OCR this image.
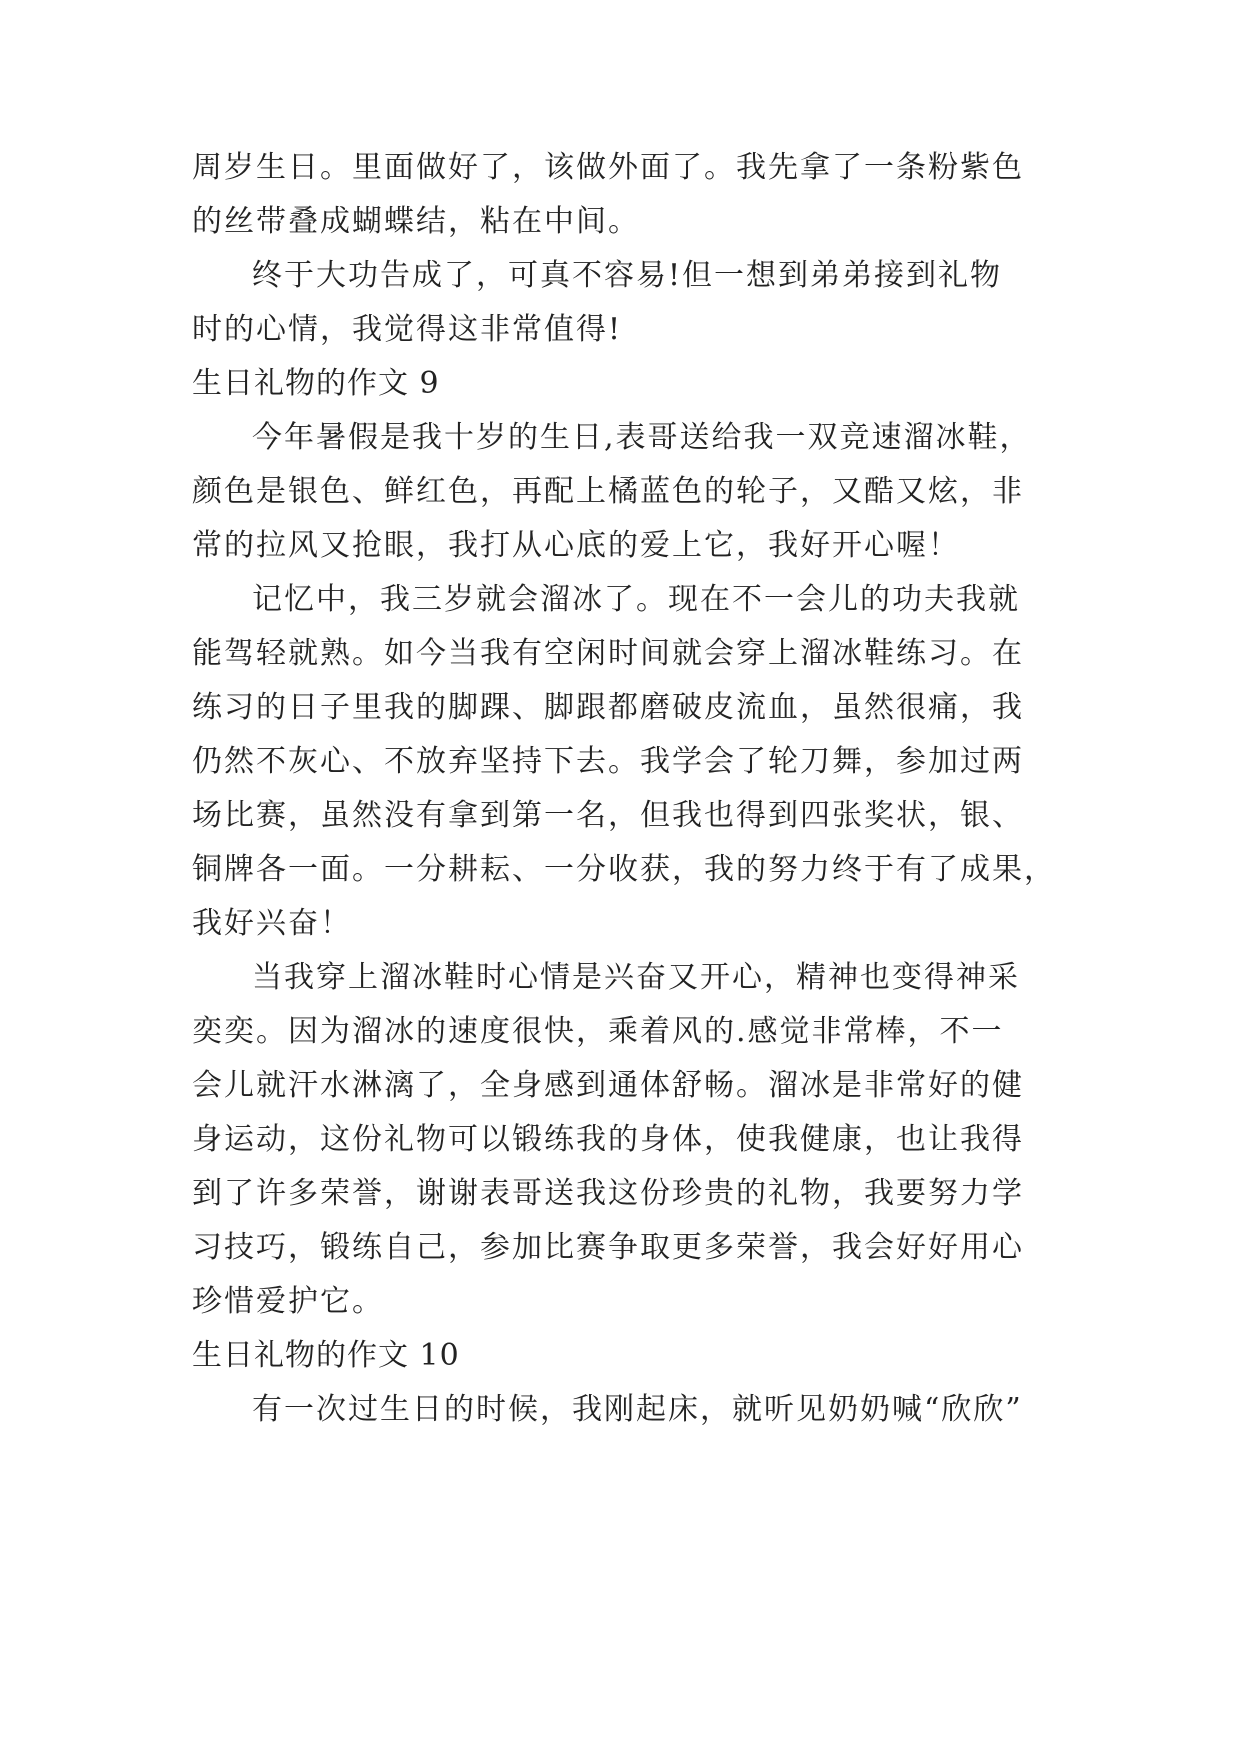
周岁生日。里面做好了，该做外面了。我先拿了一条粉紫色
的丝带叠成蝴蝶结，粘在中间。
终于大功告成了，可真不容易!但一想到弟弟接到礼物
时的心情，我觉得这非常值得!
生日礼物的作文 9
今年暑假是我十岁的生日,表哥送给我一双竞速溜冰鞋，
颜色是银色、鲜红色，再配上橘蓝色的轮子，又酷又炫，非
常的拉风又抢眼，我打从心底的爱上它，我好开心喔！
记忆中，我三岁就会溜冰了。现在不一会儿的功夫我就
能驾轻就熟。如今当我有空闲时间就会穿上溜冰鞋练习。在
练习的日子里我的脚踝、脚跟都磨破皮流血，虽然很痛，我
仍然不灰心、不放弃坚持下去。我学会了轮刀舞，参加过两
场比赛，虽然没有拿到第一名，但我也得到四张奖状，银、
铜牌各一面。一分耕耘、一分收获，我的努力终于有了成果，
我好兴奋！
当我穿上溜冰鞋时心情是兴奋又开心，精神也变得神采
奕奕。因为溜冰的速度很快，乘着风的.感觉非常棒，不一
会儿就汗水淋漓了，全身感到通体舒畅。溜冰是非常好的健
身运动，这份礼物可以锻练我的身体，使我健康，也让我得
到了许多荣誉，谢谢表哥送我这份珍贵的礼物，我要努力学
习技巧，锻练自己，参加比赛争取更多荣誉，我会好好用心
珍惜爱护它。
生日礼物的作文 10
有一次过生日的时候，我刚起床，就听见奶奶喊“欣欣”
